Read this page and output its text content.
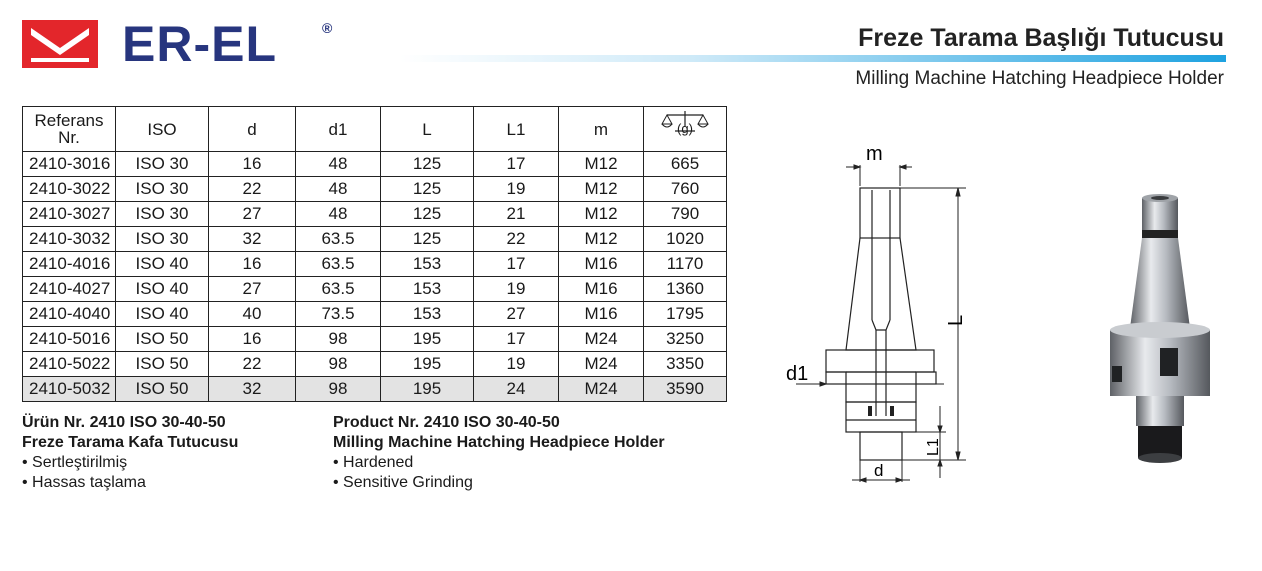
ER-EL	®	Freze Tarama Başlığı Tutucusu
Milling Machine Hatching Headpiece Holder
Referans Nr.	ISO	d	d1	L	L1	m	$^{(g)}$
2410-3016	ISO 30	16	48	125	17	M12	665
2410-3022	ISO 30	22	48	125	19	M12	760
2410-3027	ISO 30	27	48	125	21	M12	790
2410-3032	ISO 30	32	63.5	125	22	M12	1020
2410-4016	ISO 40	16	63.5	153	17	M16	1170
2410-4027	ISO 40	27	63.5	153	19	M16	1360
2410-4040	ISO 40	40	73.5	153	27	M16	1795
2410-5016	ISO 50	16	98	195	17	M24	3250
2410-5022	ISO 50	22	98	195	19	M24	3350
2410-5032	ISO 50	32	98	195	24	M24	3590
Ürün Nr. 2410 ISO 30-40-50
Freze Tarama Kafa Tutucusu
• Sertleştirilmiş
• Hassas taşlama
Product Nr. 2410 ISO 30-40-50
Milling Machine Hatching Headpiece Holder
• Hardened
• Sensitive Grinding
m
L
d1
L1
d
